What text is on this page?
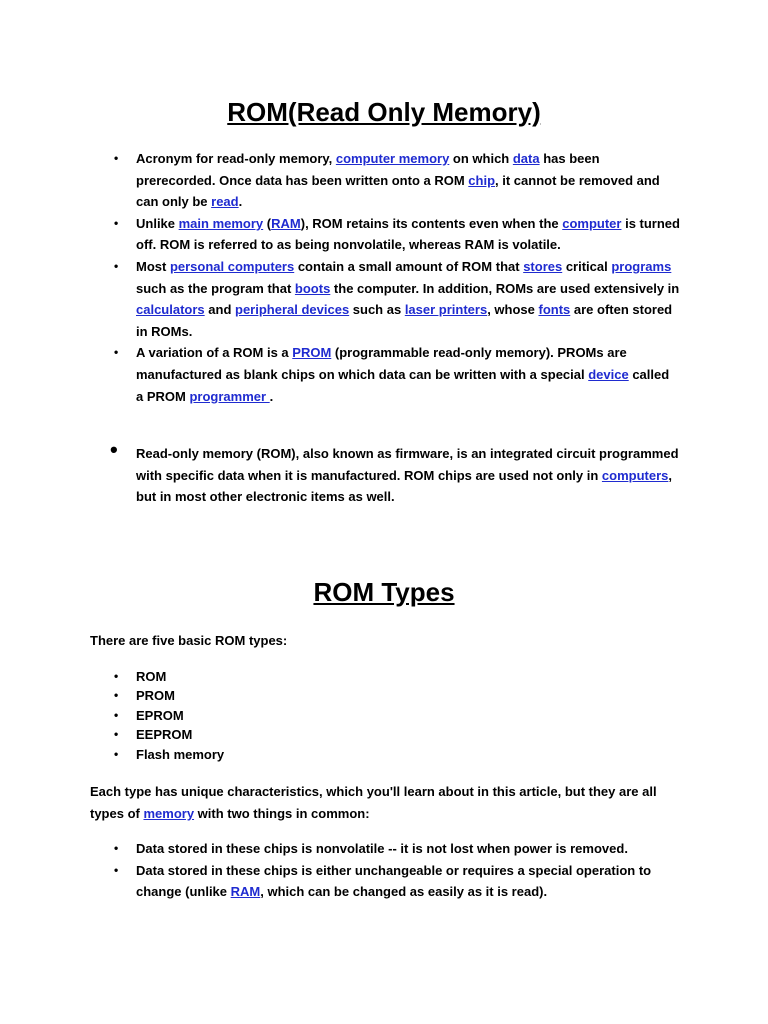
ROM(Read Only Memory)
• Acronym for read-only memory, computer memory on which data has been prerecorded. Once data has been written onto a ROM chip, it cannot be removed and can only be read.
• Unlike main memory (RAM), ROM retains its contents even when the computer is turned off. ROM is referred to as being nonvolatile, whereas RAM is volatile.
• Most personal computers contain a small amount of ROM that stores critical programs such as the program that boots the computer. In addition, ROMs are used extensively in calculators and peripheral devices such as laser printers, whose fonts are often stored in ROMs.
• A variation of a ROM is a PROM (programmable read-only memory). PROMs are manufactured as blank chips on which data can be written with a special device called a PROM programmer .
• Read-only memory (ROM), also known as firmware, is an integrated circuit programmed with specific data when it is manufactured. ROM chips are used not only in computers, but in most other electronic items as well.
ROM Types

There are five basic ROM types:

• ROM
• PROM
• EPROM
• EEPROM
• Flash memory

Each type has unique characteristics, which you'll learn about in this article, but they are all types of memory with two things in common:

• Data stored in these chips is nonvolatile -- it is not lost when power is removed.
• Data stored in these chips is either unchangeable or requires a special operation to change (unlike RAM, which can be changed as easily as it is read).
